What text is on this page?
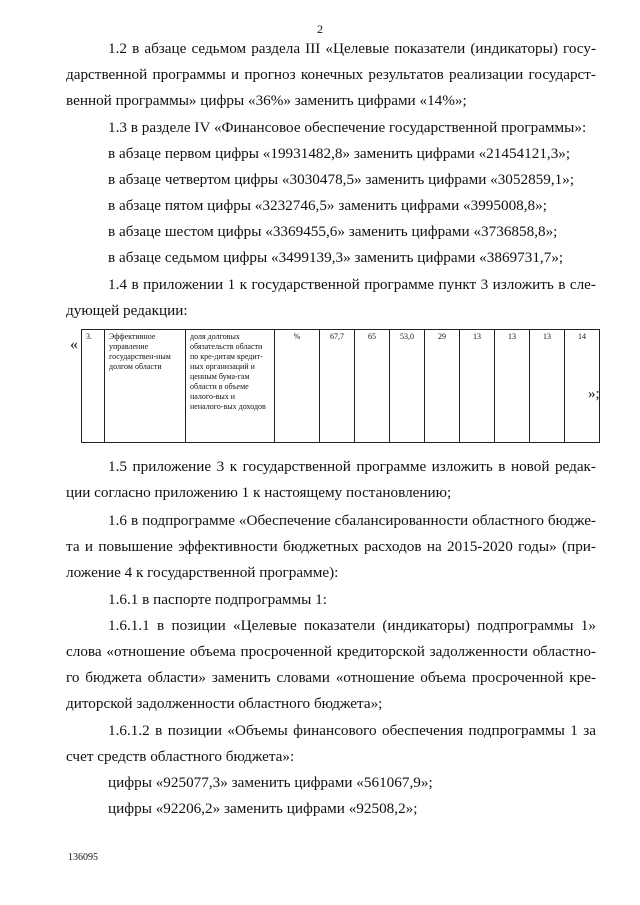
2
1.2 в абзаце седьмом раздела III «Целевые показатели (индикаторы) госу-
дарственной программы и прогноз конечных результатов реализации государст-
венной программы» цифры «36%» заменить цифрами «14%»;
1.3 в разделе IV «Финансовое обеспечение государственной программы»:
в абзаце первом цифры «19931482,8» заменить цифрами «21454121,3»;
в абзаце четвертом цифры «3030478,5» заменить цифрами «3052859,1»;
в абзаце пятом цифры «3232746,5» заменить цифрами «3995008,8»;
в абзаце шестом цифры «3369455,6» заменить цифрами «3736858,8»;
в абзаце седьмом цифры «3499139,3» заменить цифрами «3869731,7»;
1.4 в приложении 1 к государственной программе пункт 3 изложить в сле-
дующей редакции:
« 3.	Эффективное управление государствен-ным долгом области	доля долговых обязательств области по кре-дитам кредит-ных организаций и ценным бума-гам области в объеме налого-вых и неналого-вых доходов	%	67,7	65	53,0	29	13	13	13	14
»;
1.5 приложение 3 к государственной программе изложить в новой редак-
ции согласно приложению 1 к настоящему постановлению;
1.6 в подпрограмме «Обеспечение сбалансированности областного бюдже-
та и повышение эффективности бюджетных расходов на 2015-2020 годы» (при-
ложение 4 к государственной программе):
1.6.1 в паспорте подпрограммы 1:
1.6.1.1 в позиции «Целевые показатели (индикаторы) подпрограммы 1»
слова «отношение объема просроченной кредиторской задолженности областно-
го бюджета области» заменить словами «отношение объема просроченной кре-
диторской задолженности областного бюджета»;
1.6.1.2 в позиции «Объемы финансового обеспечения подпрограммы 1 за
счет средств областного бюджета»:
цифры «925077,3» заменить цифрами «561067,9»;
цифры «92206,2» заменить цифрами «92508,2»;
136095
